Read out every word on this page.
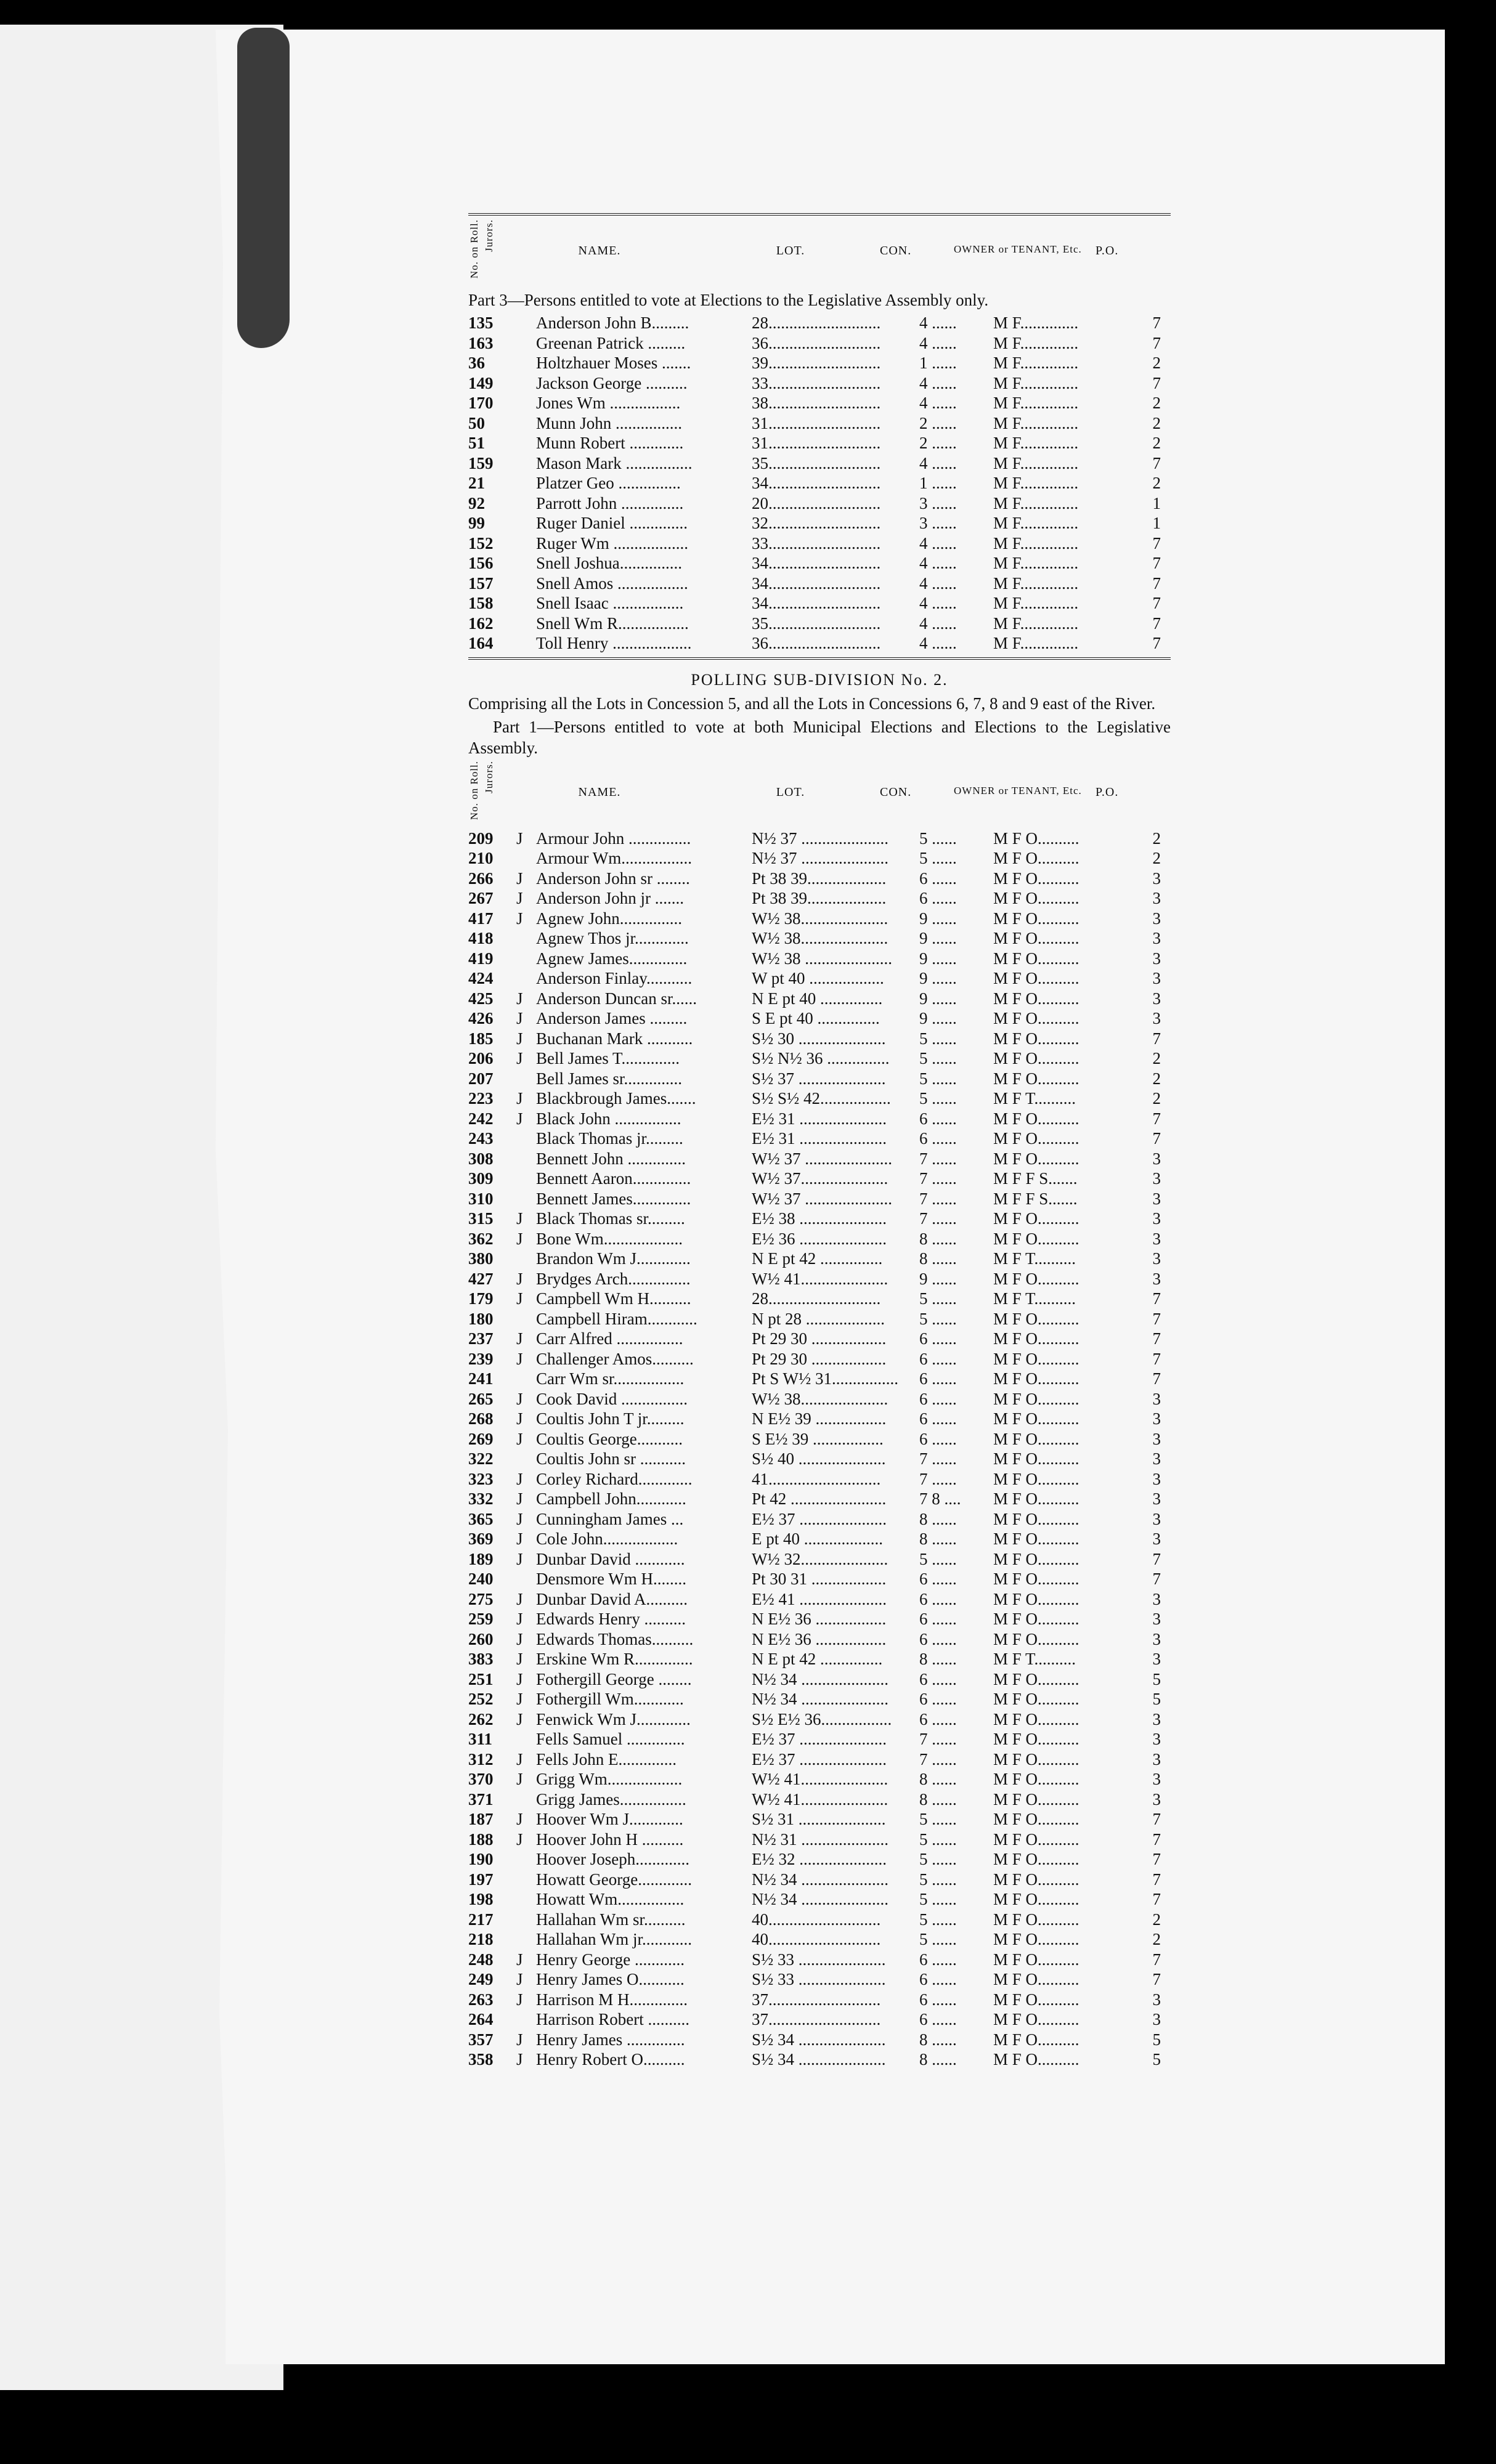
No. on Roll. Jurors.	NAME.	LOT.	CON.	OWNER or TENANT, Etc.	P.O.
Part 3—Persons entitled to vote at Elections to the Legislative Assembly only.
135	Anderson John B.........	28...........................	4 ......	M F..............	7
163	Greenan Patrick .........	36...........................	4 ......	M F..............	7
36	Holtzhauer Moses .......	39...........................	1 ......	M F..............	2
149	Jackson George ..........	33...........................	4 ......	M F..............	7
170	Jones Wm .................	38...........................	4 ......	M F..............	2
50	Munn John ................	31...........................	2 ......	M F..............	2
51	Munn Robert .............	31...........................	2 ......	M F..............	2
159	Mason Mark ................	35...........................	4 ......	M F..............	7
21	Platzer Geo ...............	34...........................	1 ......	M F..............	2
92	Parrott John ...............	20...........................	3 ......	M F..............	1
99	Ruger Daniel ..............	32...........................	3 ......	M F..............	1
152	Ruger Wm ..................	33...........................	4 ......	M F..............	7
156	Snell Joshua...............	34...........................	4 ......	M F..............	7
157	Snell Amos .................	34...........................	4 ......	M F..............	7
158	Snell Isaac .................	34...........................	4 ......	M F..............	7
162	Snell Wm R.................	35...........................	4 ......	M F..............	7
164	Toll Henry ...................	36...........................	4 ......	M F..............	7
POLLING SUB-DIVISION No. 2.
Comprising all the Lots in Concession 5, and all the Lots in Concessions 6, 7, 8 and 9 east of the River.
Part 1—Persons entitled to vote at both Municipal Elections and Elections to the Legislative Assembly.
No. on Roll. Jurors.	NAME.	LOT.	CON.	OWNER or TENANT, Etc.	P.O.
209	J Armour John ...............	N½ 37 .....................	5 ......	M F O..........	2
210	Armour Wm.................	N½ 37 .....................	5 ......	M F O..........	2
266	J Anderson John sr ........	Pt 38 39...................	6 ......	M F O..........	3
267	J Anderson John jr .......	Pt 38 39...................	6 ......	M F O..........	3
417	J Agnew John...............	W½ 38.....................	9 ......	M F O..........	3
418	Agnew Thos jr.............	W½ 38.....................	9 ......	M F O..........	3
419	Agnew James..............	W½ 38 .....................	9 ......	M F O..........	3
424	Anderson Finlay...........	W pt 40 ..................	9 ......	M F O..........	3
425	J Anderson Duncan sr......	N E pt 40 ...............	9 ......	M F O..........	3
426	J Anderson James .........	S E pt 40 ...............	9 ......	M F O..........	3
185	J Buchanan Mark ...........	S½ 30 .....................	5 ......	M F O..........	7
206	J Bell James T..............	S½ N½ 36 ...............	5 ......	M F O..........	2
207	Bell James sr..............	S½ 37 .....................	5 ......	M F O..........	2
223	J Blackbrough James.......	S½ S½ 42.................	5 ......	M F T..........	2
242	J Black John ................	E½ 31 .....................	6 ......	M F O..........	7
243	Black Thomas jr.........	E½ 31 .....................	6 ......	M F O..........	7
308	Bennett John ..............	W½ 37 .....................	7 ......	M F O..........	3
309	Bennett Aaron..............	W½ 37.....................	7 ......	M F F S.......	3
310	Bennett James..............	W½ 37 .....................	7 ......	M F F S.......	3
315	J Black Thomas sr.........	E½ 38 .....................	7 ......	M F O..........	3
362	J Bone Wm...................	E½ 36 .....................	8 ......	M F O..........	3
380	Brandon Wm J.............	N E pt 42 ...............	8 ......	M F T..........	3
427	J Brydges Arch...............	W½ 41.....................	9 ......	M F O..........	3
179	J Campbell Wm H..........	28...........................	5 ......	M F T..........	7
180	Campbell Hiram............	N pt 28 ...................	5 ......	M F O..........	7
237	J Carr Alfred ................	Pt 29 30 ..................	6 ......	M F O..........	7
239	J Challenger Amos..........	Pt 29 30 ..................	6 ......	M F O..........	7
241	Carr Wm sr.................	Pt S W½ 31................	6 ......	M F O..........	7
265	J Cook David ................	W½ 38.....................	6 ......	M F O..........	3
268	J Coultis John T jr.........	N E½ 39 .................	6 ......	M F O..........	3
269	J Coultis George...........	S E½ 39 .................	6 ......	M F O..........	3
322	Coultis John sr ...........	S½ 40 .....................	7 ......	M F O..........	3
323	J Corley Richard.............	41...........................	7 ......	M F O..........	3
332	J Campbell John............	Pt 42 .......................	7 8 ....	M F O..........	3
365	J Cunningham James ...	E½ 37 .....................	8 ......	M F O..........	3
369	J Cole John..................	E pt 40 ...................	8 ......	M F O..........	3
189	J Dunbar David ............	W½ 32.....................	5 ......	M F O..........	7
240	Densmore Wm H........	Pt 30 31 ..................	6 ......	M F O..........	7
275	J Dunbar David A..........	E½ 41 .....................	6 ......	M F O..........	3
259	J Edwards Henry ..........	N E½ 36 .................	6 ......	M F O..........	3
260	J Edwards Thomas..........	N E½ 36 .................	6 ......	M F O..........	3
383	J Erskine Wm R..............	N E pt 42 ...............	8 ......	M F T..........	3
251	J Fothergill George ........	N½ 34 .....................	6 ......	M F O..........	5
252	J Fothergill Wm............	N½ 34 .....................	6 ......	M F O..........	5
262	J Fenwick Wm J.............	S½ E½ 36.................	6 ......	M F O..........	3
311	Fells Samuel ..............	E½ 37 .....................	7 ......	M F O..........	3
312	J Fells John E..............	E½ 37 .....................	7 ......	M F O..........	3
370	J Grigg Wm..................	W½ 41.....................	8 ......	M F O..........	3
371	Grigg James................	W½ 41.....................	8 ......	M F O..........	3
187	J Hoover Wm J.............	S½ 31 .....................	5 ......	M F O..........	7
188	J Hoover John H ..........	N½ 31 .....................	5 ......	M F O..........	7
190	Hoover Joseph.............	E½ 32 .....................	5 ......	M F O..........	7
197	Howatt George.............	N½ 34 .....................	5 ......	M F O..........	7
198	Howatt Wm................	N½ 34 .....................	5 ......	M F O..........	7
217	Hallahan Wm sr..........	40...........................	5 ......	M F O..........	2
218	Hallahan Wm jr............	40...........................	5 ......	M F O..........	2
248	J Henry George ............	S½ 33 .....................	6 ......	M F O..........	7
249	J Henry James O...........	S½ 33 .....................	6 ......	M F O..........	7
263	J Harrison M H..............	37...........................	6 ......	M F O..........	3
264	Harrison Robert ..........	37...........................	6 ......	M F O..........	3
357	J Henry James ..............	S½ 34 .....................	8 ......	M F O..........	5
358	J Henry Robert O..........	S½ 34 .....................	8 ......	M F O..........	5
